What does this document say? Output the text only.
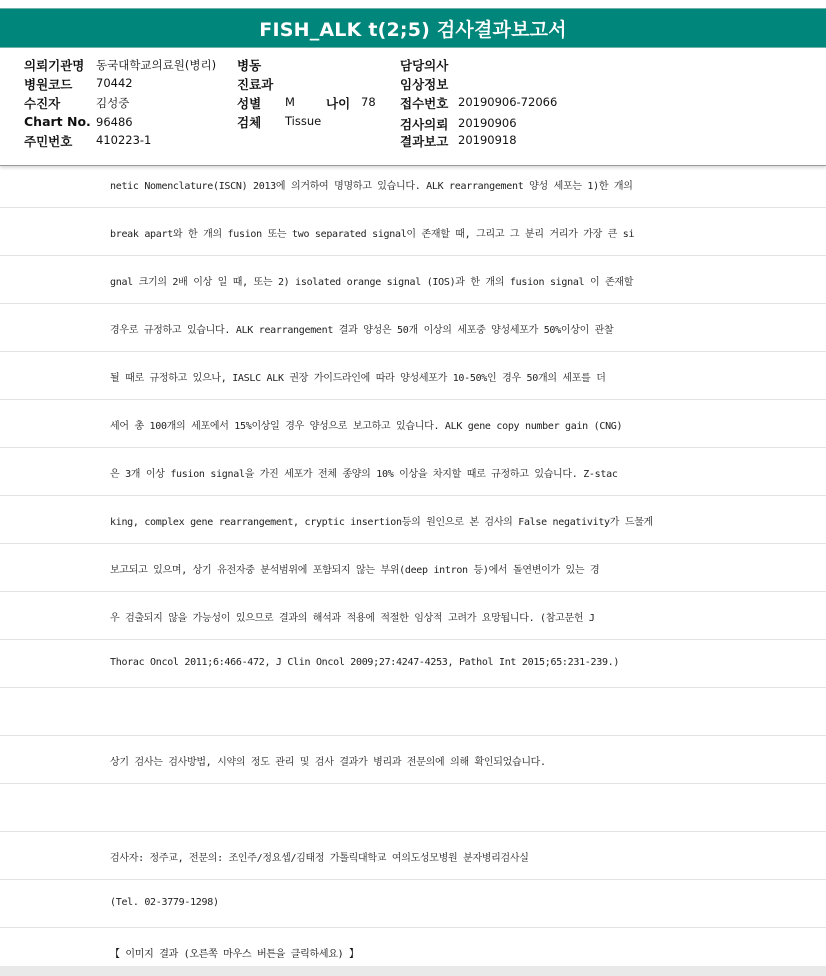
FISH_ALK t(2;5) 검사결과보고서
의뢰기관명 동국대학교의료원(병리) 병동	담당의사
병원코드 70442	진료과	임상정보
수진자	김성중	성별 M 나이 78 접수번호 20190906-72066
Chart No. 96486	검체 Tissue	검사의뢰 20190906
주민번호 410223-1	결과보고 20190918
netic Nomenclature(ISCN) 2013에 의거하여 명명하고 있습니다. ALK rearrangement 양성 세포는 1)한 개의
break apart와 한 개의 fusion 또는 two separated signal이 존재할 때, 그리고 그 분리 거리가 가장 큰 si
gnal 크기의 2배 이상 일 때, 또는 2) isolated orange signal (IOS)과 한 개의 fusion signal 이 존재할
경우로 규정하고 있습니다. ALK rearrangement 결과 양성은 50개 이상의 세포중 양성세포가 50%이상이 관찰
될 때로 규정하고 있으나, IASLC ALK 권장 가이드라인에 따라 양성세포가 10-50%인 경우 50개의 세포를 더
세어 총 100개의 세포에서 15%이상일 경우 양성으로 보고하고 있습니다. ALK gene copy number gain (CNG)
은 3개 이상 fusion signal을 가진 세포가 전체 종양의 10% 이상을 차지할 때로 규정하고 있습니다. Z-stac
king, complex gene rearrangement, cryptic insertion등의 원인으로 본 검사의 False negativity가 드물게
보고되고 있으며, 상기 유전자중 분석범위에 포함되지 않는 부위(deep intron 등)에서 돌연변이가 있는 경
우 검출되지 않을 가능성이 있으므로 결과의 해석과 적용에 적절한 임상적 고려가 요망됩니다. (참고문헌 J
Thorac Oncol 2011;6:466-472, J Clin Oncol 2009;27:4247-4253, Pathol Int 2015;65:231-239.)
상기 검사는 검사방법, 시약의 정도 관리 및 검사 결과가 병리과 전문의에 의해 확인되었습니다.
검사자: 정주교, 전문의: 조인주/정요셉/김태정 가톨릭대학교 여의도성모병원 분자병리검사실
(Tel. 02-3779-1298)
【 이미지 결과 (오른쪽 마우스 버튼을 클릭하세요) 】
